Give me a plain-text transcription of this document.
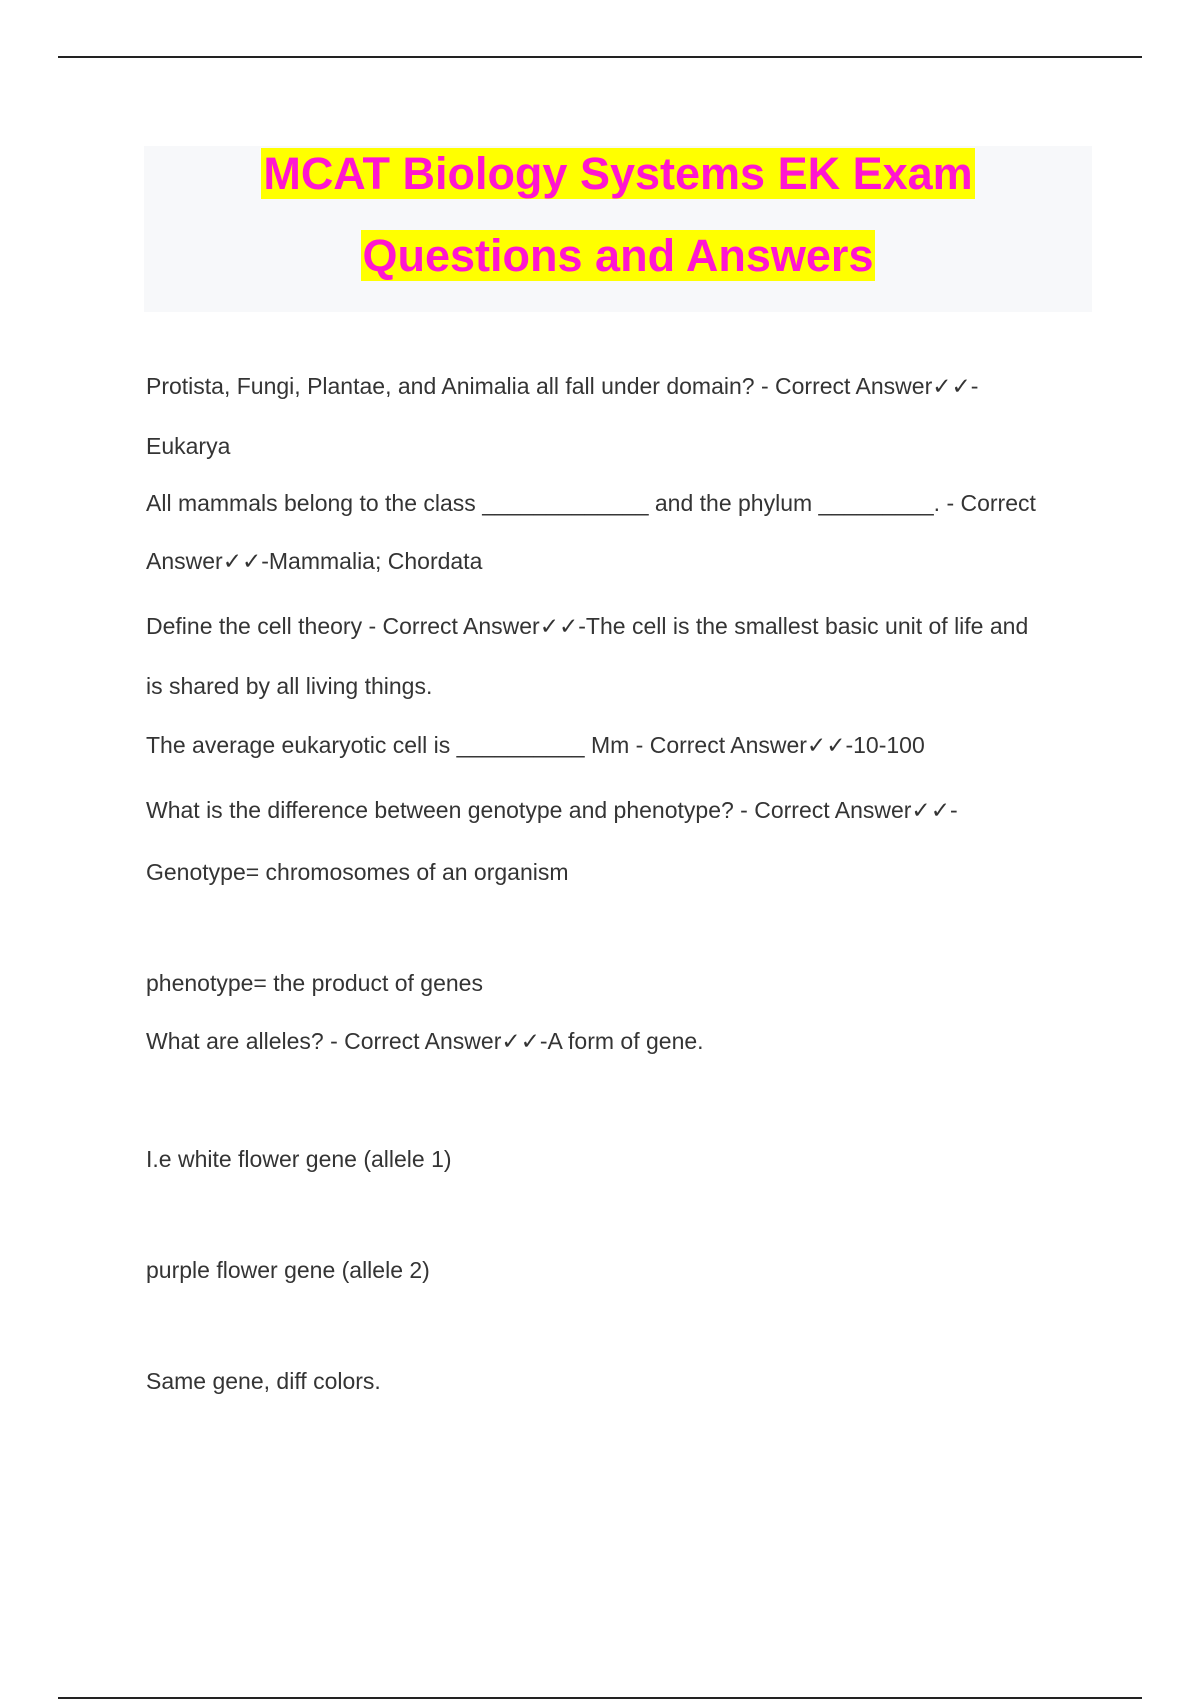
MCAT Biology Systems EK Exam
Questions and Answers
Protista, Fungi, Plantae, and Animalia all fall under domain? - Correct Answer✓✓-
Eukarya
All mammals belong to the class _____________ and the phylum _________. - Correct
Answer✓✓-Mammalia; Chordata
Define the cell theory - Correct Answer✓✓-The cell is the smallest basic unit of life and
is shared by all living things.
The average eukaryotic cell is __________ Mm - Correct Answer✓✓-10-100
What is the difference between genotype and phenotype? - Correct Answer✓✓-
Genotype= chromosomes of an organism
phenotype= the product of genes
What are alleles? - Correct Answer✓✓-A form of gene.
I.e white flower gene (allele 1)
purple flower gene (allele 2)
Same gene, diff colors.
